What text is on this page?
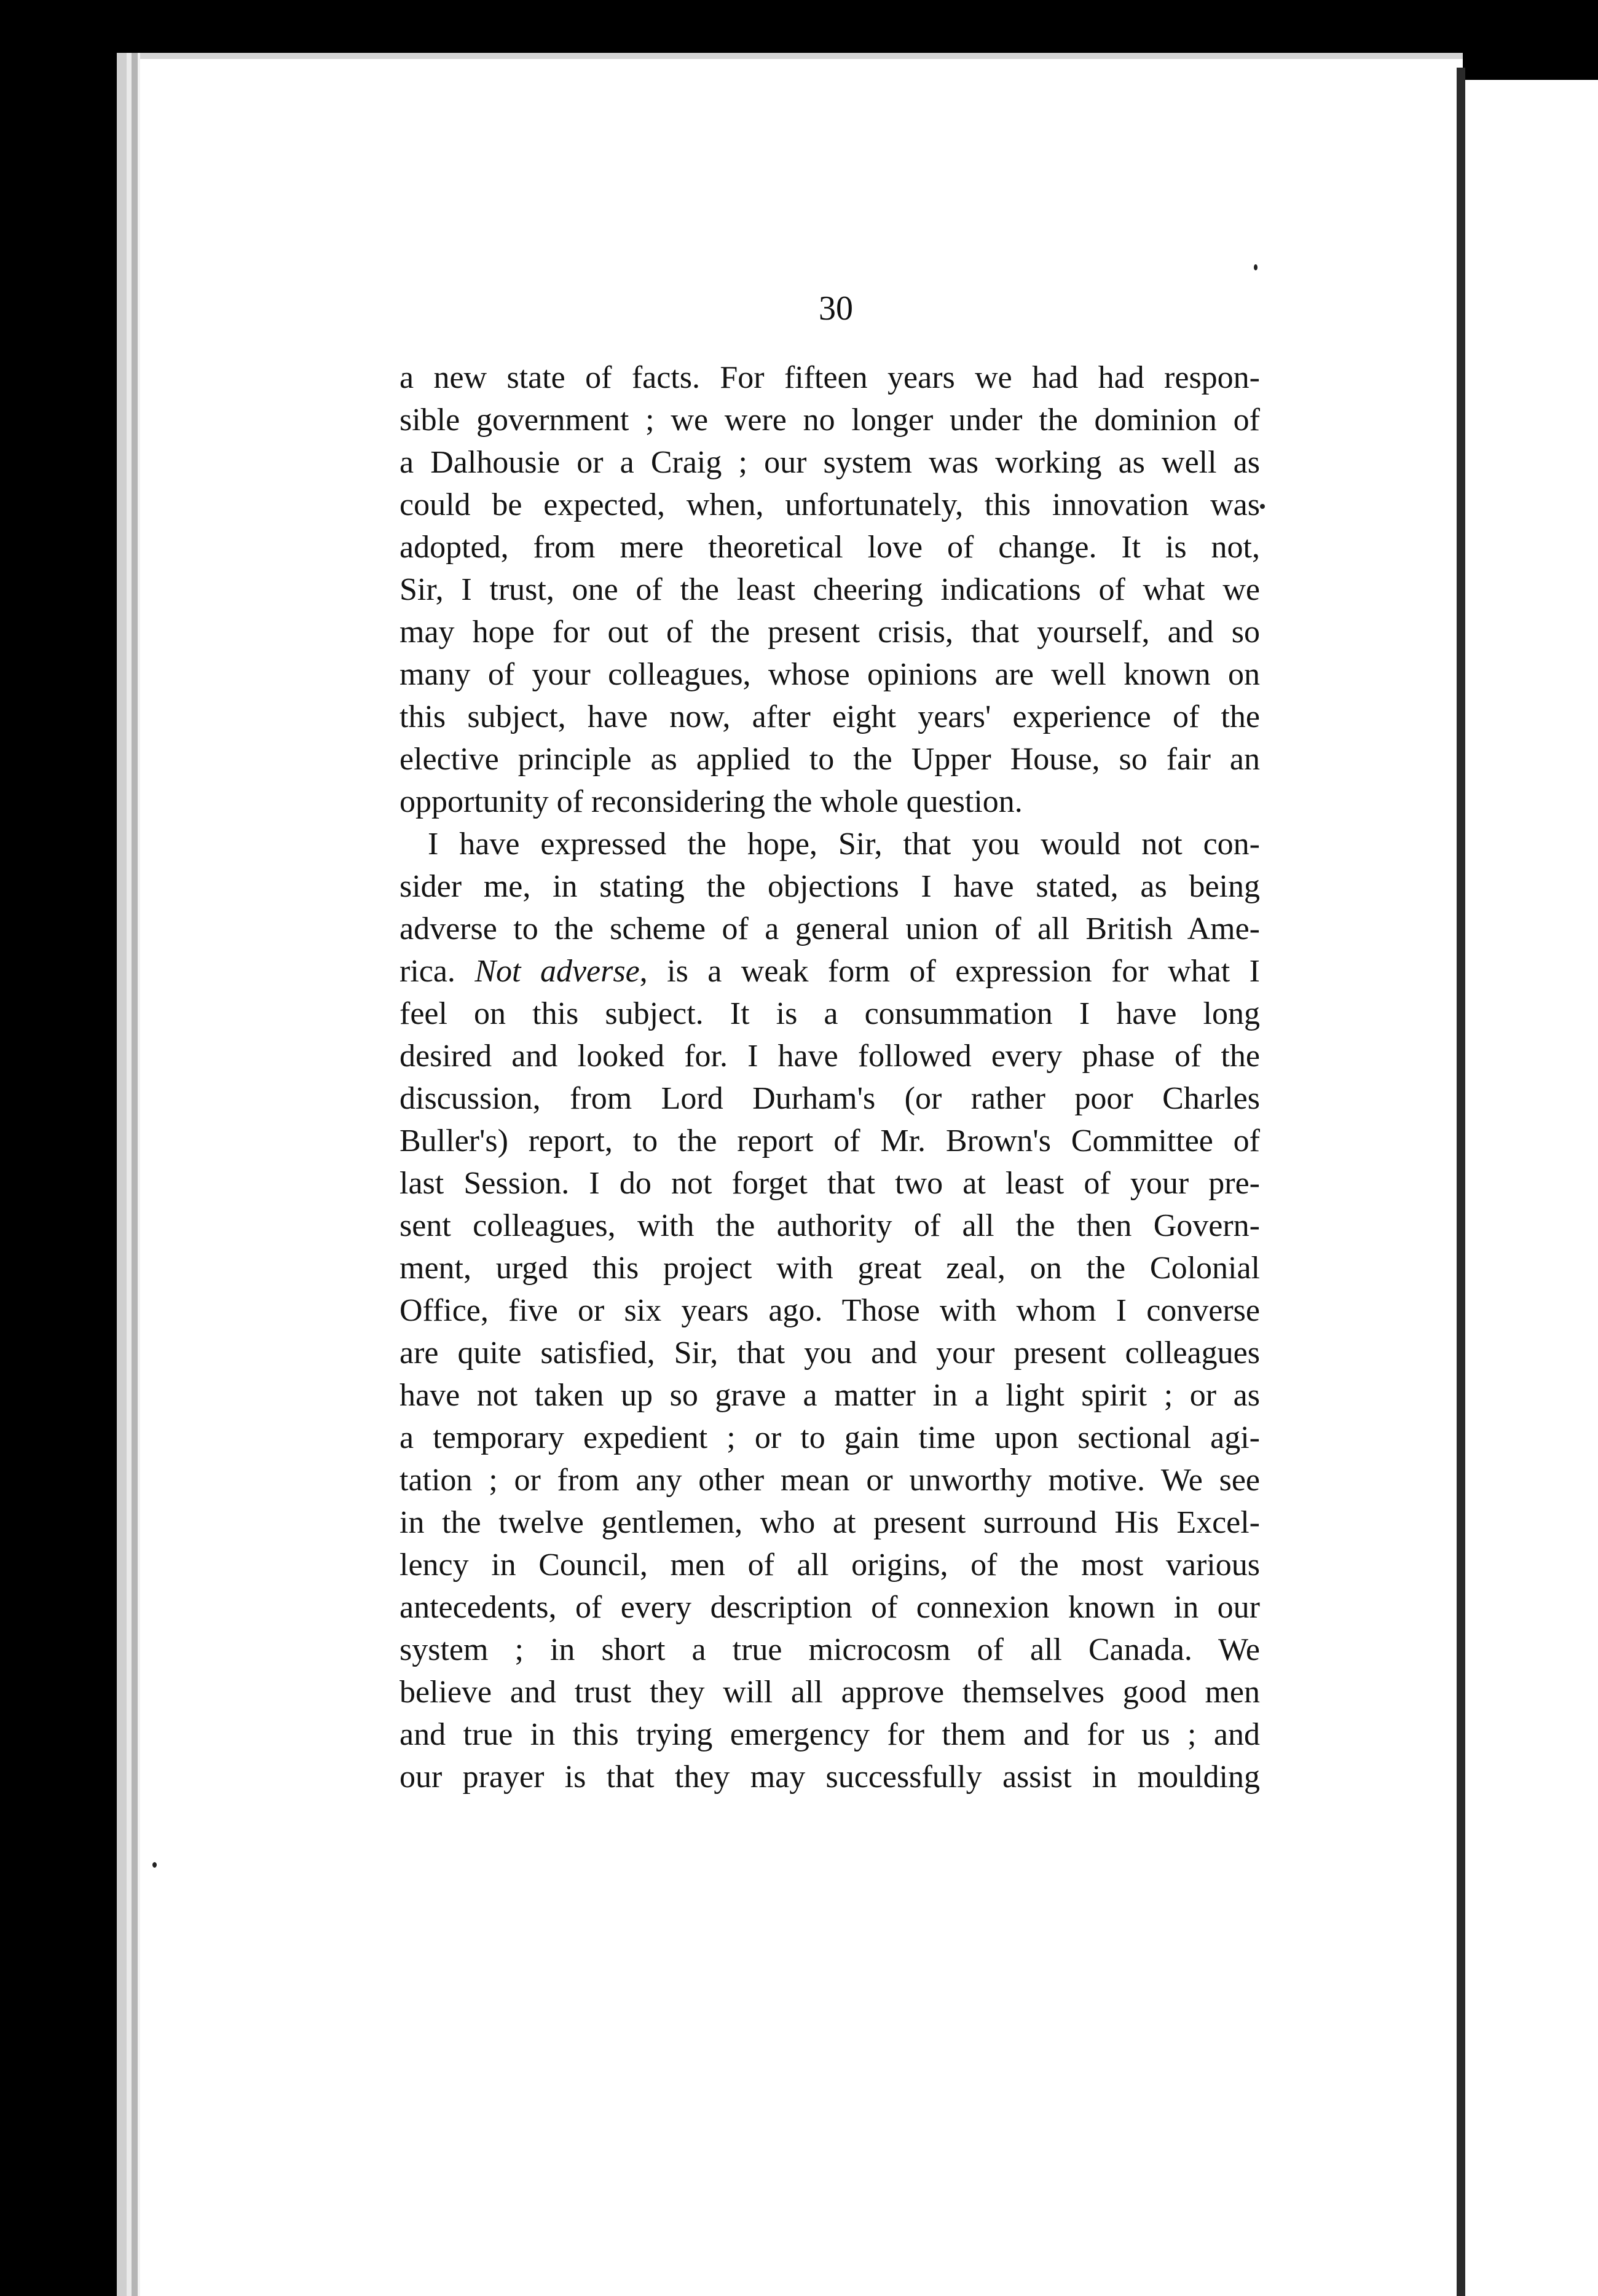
30
a new state of facts. For fifteen years we had had respon-
sible government ; we were no longer under the dominion of
a Dalhousie or a Craig ; our system was working as well as
could be expected, when, unfortunately, this innovation was
adopted, from mere theoretical love of change. It is not,
Sir, I trust, one of the least cheering indications of what we
may hope for out of the present crisis, that yourself, and so
many of your colleagues, whose opinions are well known on
this subject, have now, after eight years' experience of the
elective principle as applied to the Upper House, so fair an
opportunity of reconsidering the whole question.
I have expressed the hope, Sir, that you would not con-
sider me, in stating the objections I have stated, as being
adverse to the scheme of a general union of all British Ame-
rica. Not adverse, is a weak form of expression for what I
feel on this subject. It is a consummation I have long
desired and looked for. I have followed every phase of the
discussion, from Lord Durham's (or rather poor Charles
Buller's) report, to the report of Mr. Brown's Committee of
last Session. I do not forget that two at least of your pre-
sent colleagues, with the authority of all the then Govern-
ment, urged this project with great zeal, on the Colonial
Office, five or six years ago. Those with whom I converse
are quite satisfied, Sir, that you and your present colleagues
have not taken up so grave a matter in a light spirit ; or as
a temporary expedient ; or to gain time upon sectional agi-
tation ; or from any other mean or unworthy motive. We see
in the twelve gentlemen, who at present surround His Excel-
lency in Council, men of all origins, of the most various
antecedents, of every description of connexion known in our
system ; in short a true microcosm of all Canada. We
believe and trust they will all approve themselves good men
and true in this trying emergency for them and for us ; and
our prayer is that they may successfully assist in moulding
